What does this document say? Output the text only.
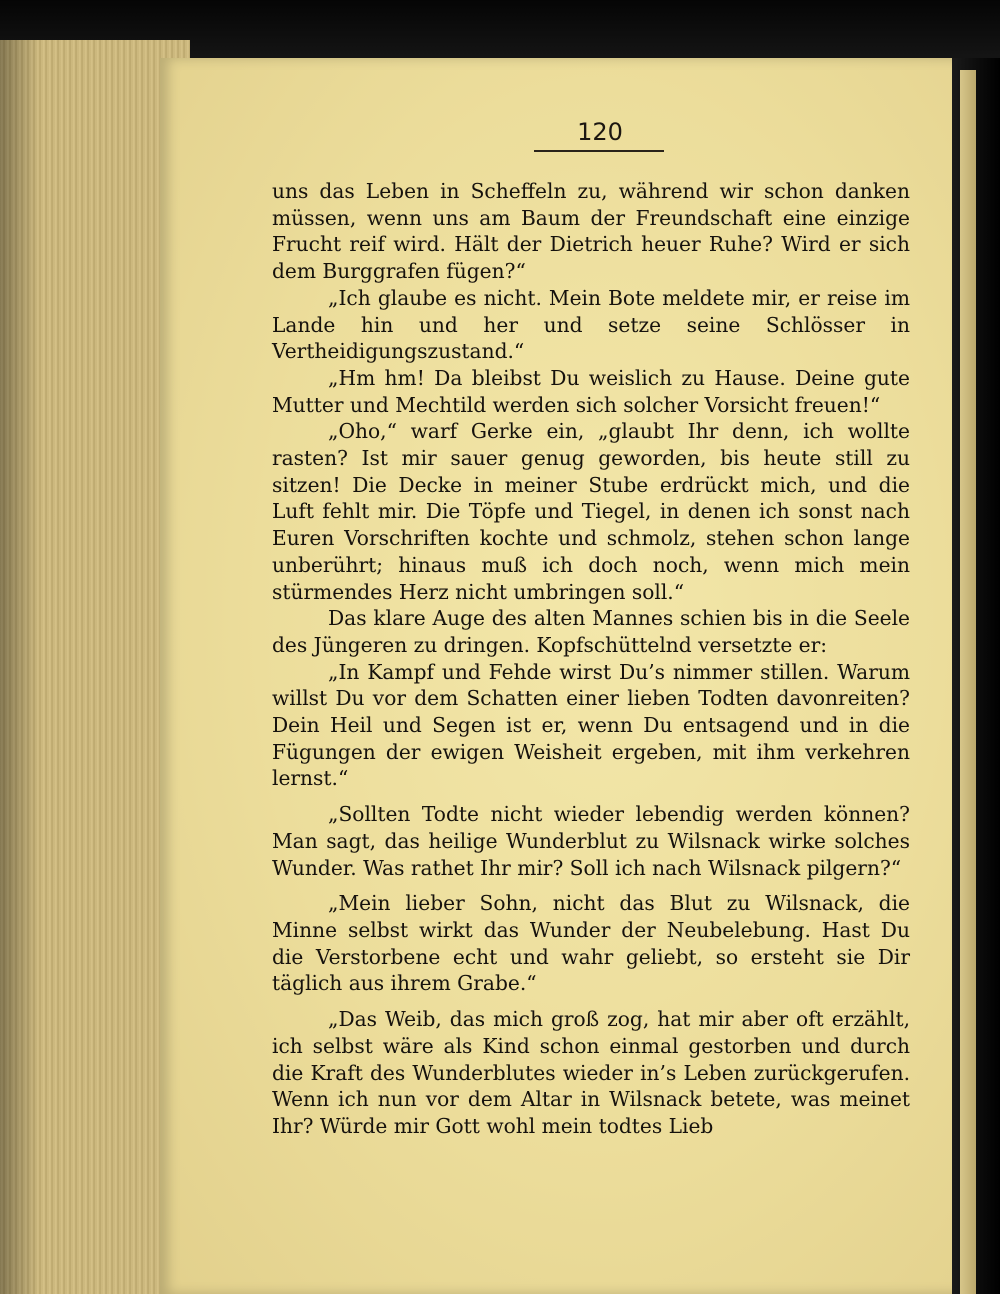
120

uns das Leben in Scheffeln zu, während wir schon danken müssen, wenn uns am Baum der Freundschaft eine einzige Frucht reif wird. Hält der Dietrich heuer Ruhe? Wird er sich dem Burggrafen fügen?“

„Ich glaube es nicht. Mein Bote meldete mir, er reise im Lande hin und her und setze seine Schlösser in Vertheidigungszustand.“

„Hm hm! Da bleibst Du weislich zu Hause. Deine gute Mutter und Mechtild werden sich solcher Vorsicht freuen!“

„Oho,“ warf Gerke ein, „glaubt Ihr denn, ich wollte rasten? Ist mir sauer genug geworden, bis heute still zu sitzen! Die Decke in meiner Stube erdrückt mich, und die Luft fehlt mir. Die Töpfe und Tiegel, in denen ich sonst nach Euren Vorschriften kochte und schmolz, stehen schon lange unberührt; hinaus muß ich doch noch, wenn mich mein stürmendes Herz nicht umbringen soll.“

Das klare Auge des alten Mannes schien bis in die Seele des Jüngeren zu dringen. Kopfschüttelnd versetzte er:

„In Kampf und Fehde wirst Du’s nimmer stillen. Warum willst Du vor dem Schatten einer lieben Todten davonreiten? Dein Heil und Segen ist er, wenn Du entsagend und in die Fügungen der ewigen Weisheit ergeben, mit ihm verkehren lernst.“

„Sollten Todte nicht wieder lebendig werden können? Man sagt, das heilige Wunderblut zu Wilsnack wirke solches Wunder. Was rathet Ihr mir? Soll ich nach Wilsnack pilgern?“

„Mein lieber Sohn, nicht das Blut zu Wilsnack, die Minne selbst wirkt das Wunder der Neubelebung. Hast Du die Verstorbene echt und wahr geliebt, so ersteht sie Dir täglich aus ihrem Grabe.“

„Das Weib, das mich groß zog, hat mir aber oft erzählt, ich selbst wäre als Kind schon einmal gestorben und durch die Kraft des Wunderblutes wieder in’s Leben zurückgerufen. Wenn ich nun vor dem Altar in Wilsnack betete, was meinet Ihr? Würde mir Gott wohl mein todtes Lieb
